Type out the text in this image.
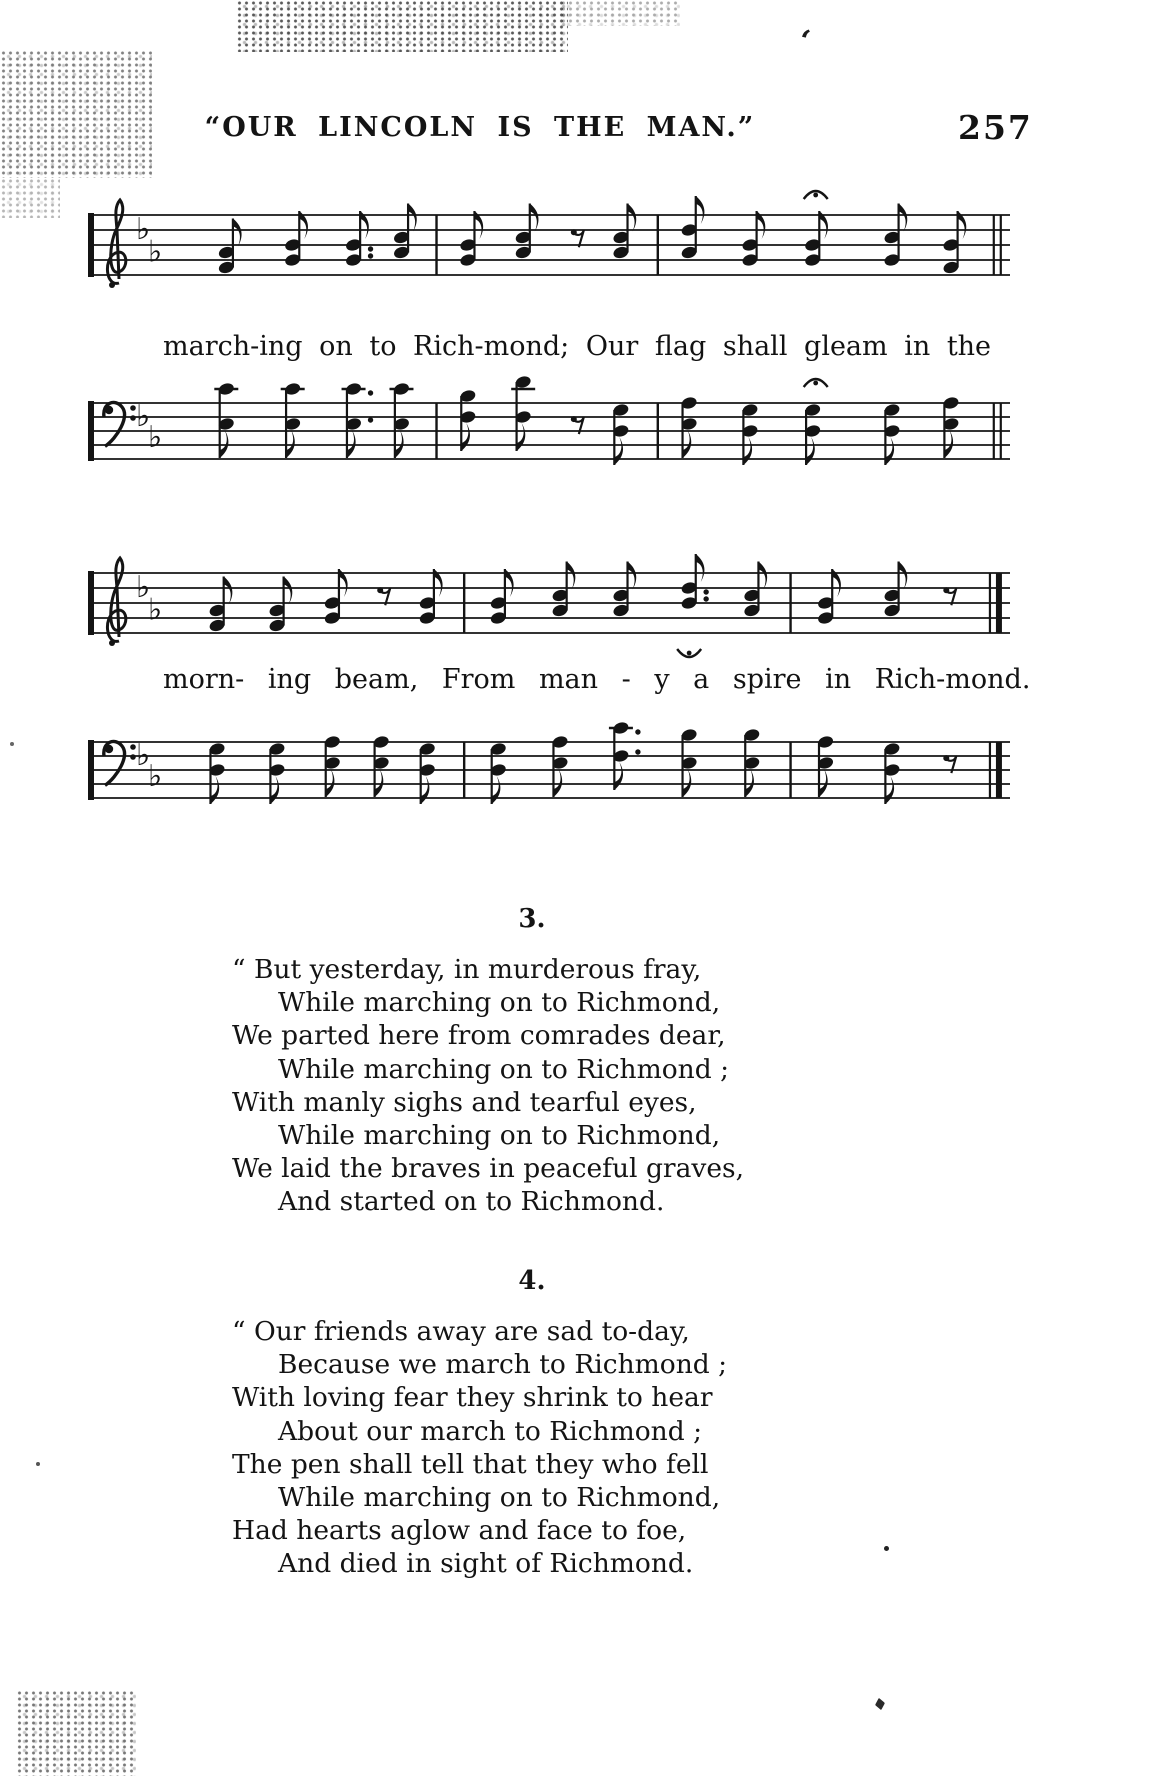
‘
“OUR LINCOLN IS THE MAN.”	257
♭
♭
march-ing on to Rich-mond; Our flag shall gleam in the
♭
♭
♭
♭
morn- ing beam, From man - y a spire in Rich-mond.
♭
♭
3.
“ But yesterday, in murderous fray,
While marching on to Richmond,
We parted here from comrades dear,
While marching on to Richmond ;
With manly sighs and tearful eyes,
While marching on to Richmond,
We laid the braves in peaceful graves,
And started on to Richmond.
4.
“ Our friends away are sad to-day,
Because we march to Richmond ;
With loving fear they shrink to hear
About our march to Richmond ;
The pen shall tell that they who fell
While marching on to Richmond,
Had hearts aglow and face to foe,
And died in sight of Richmond.
